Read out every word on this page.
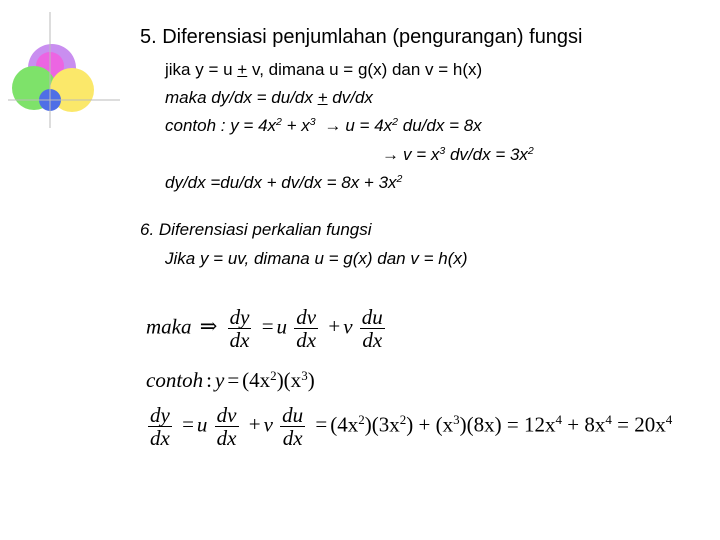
5. Diferensiasi penjumlahan (pengurangan) fungsi
jika y = u + v, dimana u = g(x) dan v = h(x)
maka dy/dx = du/dx + dv/dx
contoh : $y = 4x^2 + x^3 \to u = 4x^2$ du/dx = 8x
→ $v = x^3$ $dv/dx = 3x^2$
$dy/dx =du/dx + dv/dx = 8x + 3x^2$
6. Diferensiasi perkalian fungsi
Jika y = uv, dimana u = g(x) dan v = h(x)
maka ⇒ $\frac{dy}{dx} = u \frac{dv}{dx} + v \frac{du}{dx}$
contoh : $y = (4x^2)(x^3)$
$\frac{dy}{dx} = u \frac{dv}{dx} + v \frac{du}{dx} = (4x^2)(3x^2) + (x^3)(8x) = 12x^4 + 8x^4 = 20x^4$
